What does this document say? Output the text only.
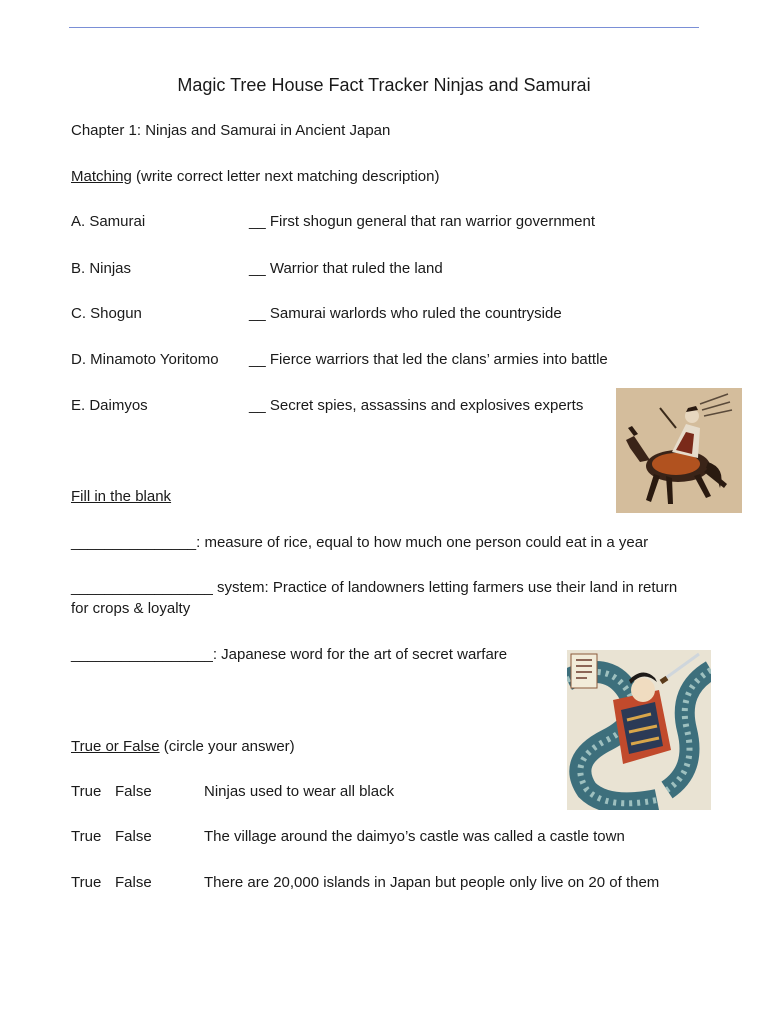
Magic Tree House Fact Tracker Ninjas and Samurai
Chapter 1: Ninjas and Samurai in Ancient Japan
Matching (write correct letter next matching description)
A. Samurai	__ First shogun general that ran warrior government
B. Ninjas	__ Warrior that ruled the land
C. Shogun	__ Samurai warlords who ruled the countryside
D. Minamoto Yoritomo __ Fierce warriors that led the clans’ armies into battle
E. Daimyos	__ Secret spies, assassins and explosives experts
Fill in the blank
_______________: measure of rice, equal to how much one person could eat in a year
_________________ system: Practice of landowners letting farmers use their land in return
for crops & loyalty
_________________: Japanese word for the art of secret warfare
True or False (circle your answer)
True False	Ninjas used to wear all black
True False	The village around the daimyo’s castle was called a castle town
True False	There are 20,000 islands in Japan but people only live on 20 of them
